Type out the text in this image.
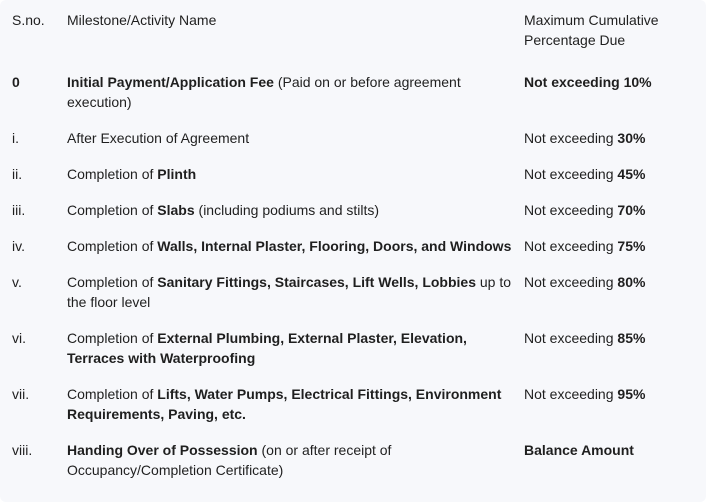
S.no.	Milestone/Activity Name	Maximum Cumulative Percentage Due
0	Initial Payment/Application Fee (Paid on or before agreement execution)	Not exceeding 10%
i.	After Execution of Agreement	Not exceeding 30%
ii.	Completion of Plinth	Not exceeding 45%
iii.	Completion of Slabs (including podiums and stilts)	Not exceeding 70%
iv.	Completion of Walls, Internal Plaster, Flooring, Doors, and Windows	Not exceeding 75%
v.	Completion of Sanitary Fittings, Staircases, Lift Wells, Lobbies up to the floor level	Not exceeding 80%
vi.	Completion of External Plumbing, External Plaster, Elevation, Terraces with Waterproofing	Not exceeding 85%
vii.	Completion of Lifts, Water Pumps, Electrical Fittings, Environment Requirements, Paving, etc.	Not exceeding 95%
viii.	Handing Over of Possession (on or after receipt of Occupancy/Completion Certificate)	Balance Amount
